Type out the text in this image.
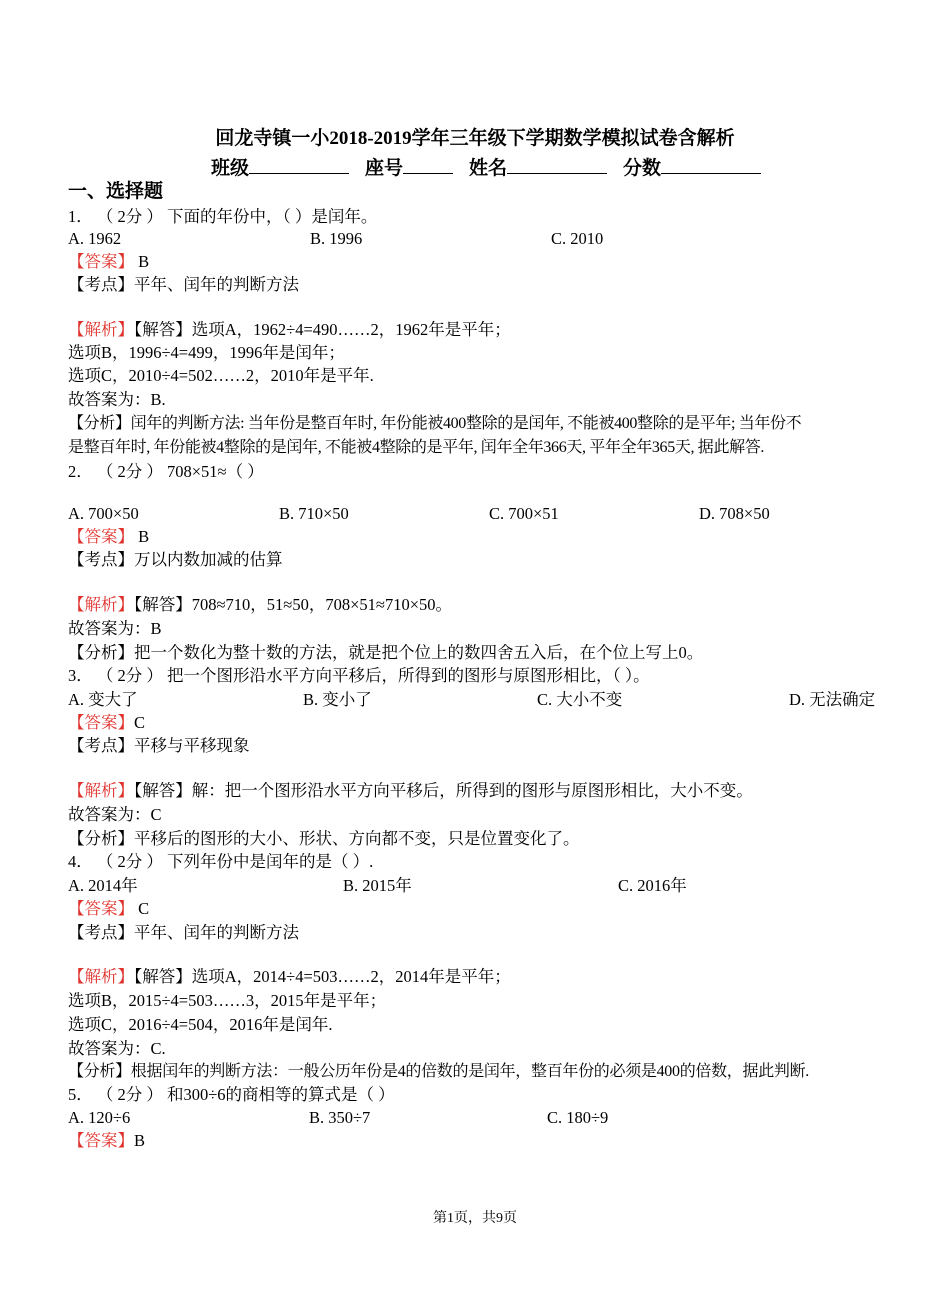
回龙寺镇一小2018-2019学年三年级下学期数学模拟试卷含解析
班级	座号	姓名	分数
一、选择题
1． （ 2分 ） 下面的年份中，（ ）是闰年。
A. 1962	B. 1996	C. 2010
【答案】 B
【考点】平年、闰年的判断方法
【解析】【解答】选项A，1962÷4=490……2，1962年是平年；
选项B，1996÷4=499，1996年是闰年；
选项C，2010÷4=502……2，2010年是平年.
故答案为：B.
【分析】闰年的判断方法: 当年份是整百年时, 年份能被400整除的是闰年, 不能被400整除的是平年; 当年份不
是整百年时, 年份能被4整除的是闰年, 不能被4整除的是平年, 闰年全年366天, 平年全年365天, 据此解答.
2． （ 2分 ） 708×51≈（ ）
A. 700×50	B. 710×50	C. 700×51	D. 708×50
【答案】 B
【考点】万以内数加减的估算
【解析】【解答】708≈710，51≈50，708×51≈710×50。
故答案为：B
【分析】把一个数化为整十数的方法，就是把个位上的数四舍五入后，在个位上写上0。
3． （ 2分 ） 把一个图形沿水平方向平移后，所得到的图形与原图形相比，（ ）。
A. 变大了	B. 变小了	C. 大小不变	D. 无法确定
【答案】C
【考点】平移与平移现象
【解析】【解答】解：把一个图形沿水平方向平移后，所得到的图形与原图形相比，大小不变。
故答案为：C
【分析】平移后的图形的大小、形状、方向都不变，只是位置变化了。
4． （ 2分 ） 下列年份中是闰年的是（ ）.
A. 2014年	B. 2015年	C. 2016年
【答案】 C
【考点】平年、闰年的判断方法
【解析】【解答】选项A，2014÷4=503……2，2014年是平年；
选项B，2015÷4=503……3，2015年是平年；
选项C，2016÷4=504，2016年是闰年.
故答案为：C.
【分析】根据闰年的判断方法：一般公历年份是4的倍数的是闰年，整百年份的必须是400的倍数，据此判断.
5． （ 2分 ） 和300÷6的商相等的算式是（ ）
A. 120÷6	B. 350÷7	C. 180÷9
【答案】B
第1页，共9页
